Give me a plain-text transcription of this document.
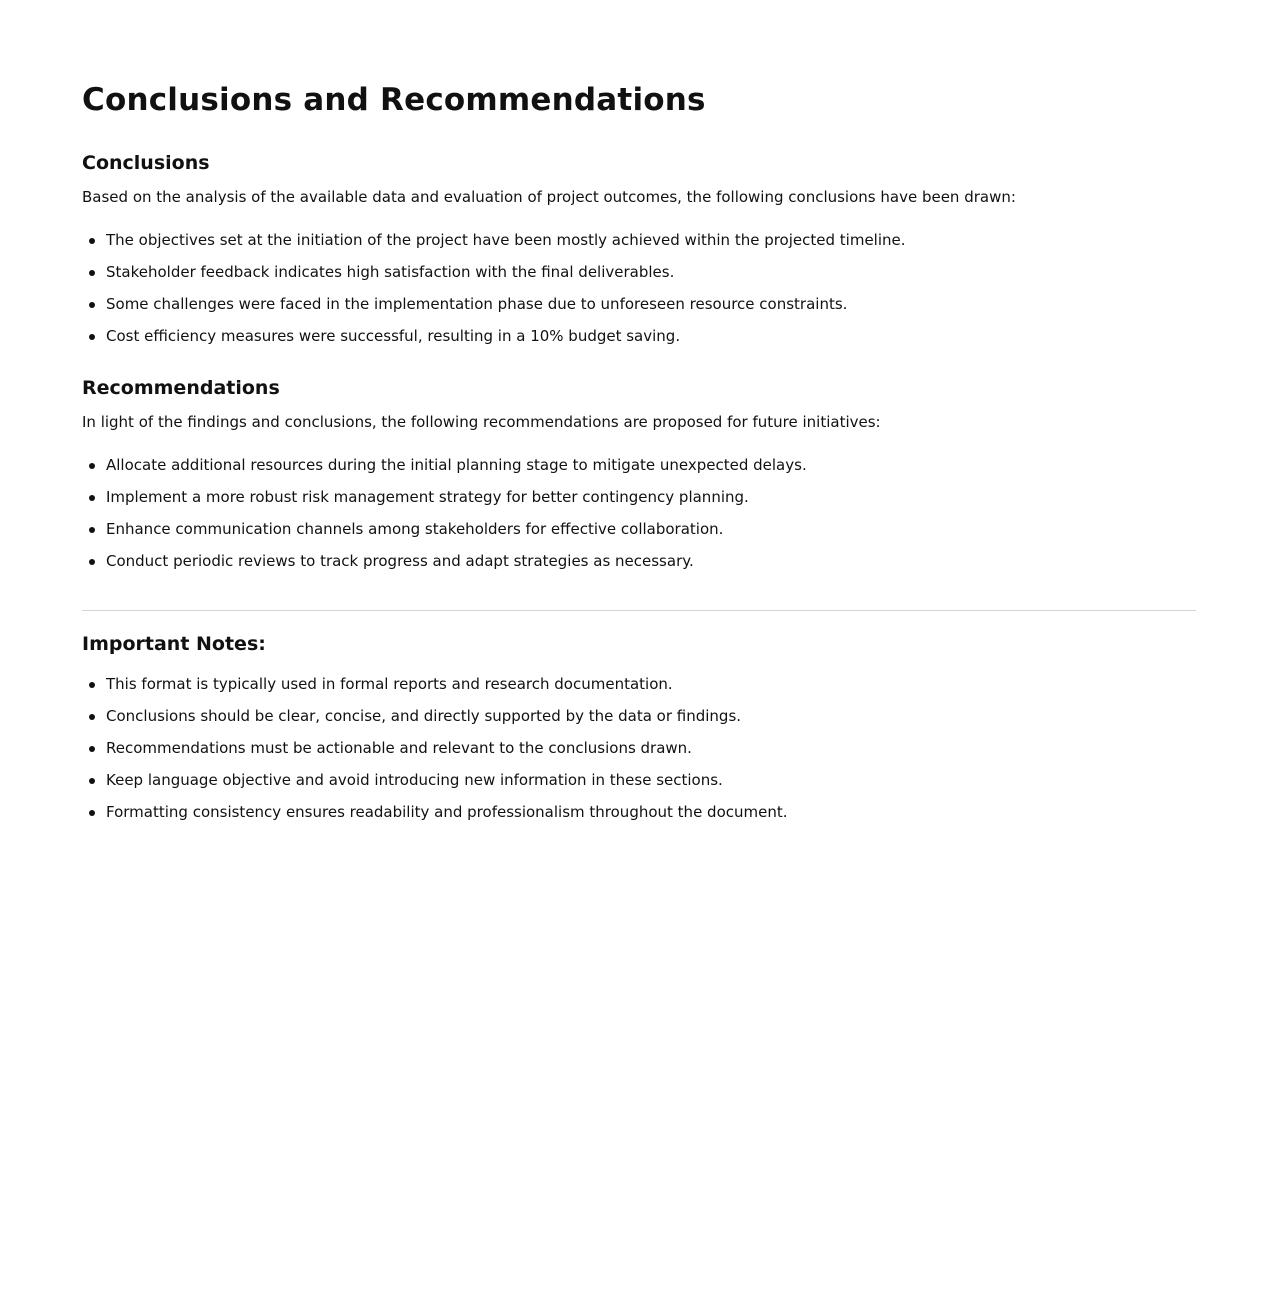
Conclusions and Recommendations
Conclusions

Based on the analysis of the available data and evaluation of project outcomes, the following conclusions have been drawn:

The objectives set at the initiation of the project have been mostly achieved within the projected timeline.
Stakeholder feedback indicates high satisfaction with the final deliverables.
Some challenges were faced in the implementation phase due to unforeseen resource constraints.
Cost efficiency measures were successful, resulting in a 10% budget saving.
Recommendations

In light of the findings and conclusions, the following recommendations are proposed for future initiatives:

Allocate additional resources during the initial planning stage to mitigate unexpected delays.
Implement a more robust risk management strategy for better contingency planning.
Enhance communication channels among stakeholders for effective collaboration.
Conduct periodic reviews to track progress and adapt strategies as necessary.
Important Notes:
This format is typically used in formal reports and research documentation.
Conclusions should be clear, concise, and directly supported by the data or findings.
Recommendations must be actionable and relevant to the conclusions drawn.
Keep language objective and avoid introducing new information in these sections.
Formatting consistency ensures readability and professionalism throughout the document.
